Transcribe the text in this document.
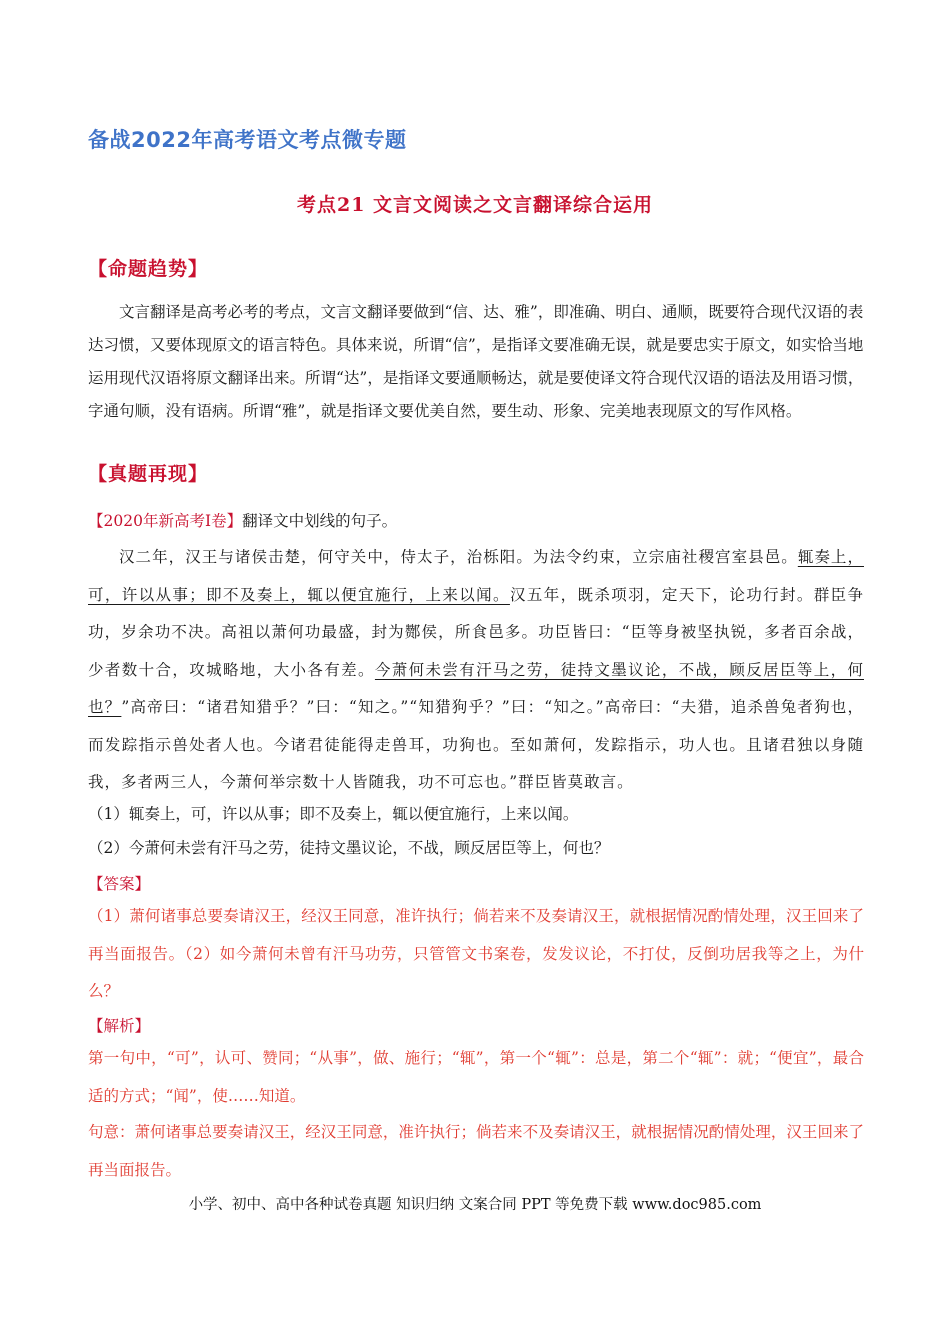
备战2022年高考语文考点微专题
考点21 文言文阅读之文言翻译综合运用
【命题趋势】
文言翻译是高考必考的考点，文言文翻译要做到“信、达、雅”，即准确、明白、通顺，既要符合现代汉语的表达习惯，又要体现原文的语言特色。具体来说，所谓“信”，是指译文要准确无误，就是要忠实于原文，如实恰当地运用现代汉语将原文翻译出来。所谓“达”，是指译文要通顺畅达，就是要使译文符合现代汉语的语法及用语习惯，字通句顺，没有语病。所谓“雅”，就是指译文要优美自然，要生动、形象、完美地表现原文的写作风格。
【真题再现】
【2020年新高考Ⅰ卷】翻译文中划线的句子。
汉二年，汉王与诸侯击楚，何守关中，侍太子，治栎阳。为法令约束，立宗庙社稷宫室县邑。辄奏上，可，许以从事；即不及奏上，辄以便宜施行，上来以闻。汉五年，既杀项羽，定天下，论功行封。群臣争功，岁余功不决。高祖以萧何功最盛，封为酂侯，所食邑多。功臣皆曰：“臣等身被坚执锐，多者百余战，少者数十合，攻城略地，大小各有差。今萧何未尝有汗马之劳，徒持文墨议论，不战，顾反居臣等上，何也？”高帝曰：“诸君知猎乎？”曰：“知之。”“知猎狗乎？”曰：“知之。”高帝曰：“夫猎，追杀兽兔者狗也，而发踪指示兽处者人也。今诸君徒能得走兽耳，功狗也。至如萧何，发踪指示，功人也。且诸君独以身随我，多者两三人，今萧何举宗数十人皆随我，功不可忘也。”群臣皆莫敢言。
（1）辄奏上，可，许以从事；即不及奏上，辄以便宜施行，上来以闻。
（2）今萧何未尝有汗马之劳，徒持文墨议论，不战，顾反居臣等上，何也？
【答案】
（1）萧何诸事总要奏请汉王，经汉王同意，准许执行；倘若来不及奏请汉王，就根据情况酌情处理，汉王回来了再当面报告。（2）如今萧何未曾有汗马功劳，只管管文书案卷，发发议论，不打仗，反倒功居我等之上，为什么？
【解析】
第一句中，“可”，认可、赞同；“从事”，做、施行；“辄”，第一个“辄”：总是，第二个“辄”：就；“便宜”，最合适的方式；“闻”，使……知道。
句意：萧何诸事总要奏请汉王，经汉王同意，准许执行；倘若来不及奏请汉王，就根据情况酌情处理，汉王回来了再当面报告。
小学、初中、高中各种试卷真题 知识归纳 文案合同 PPT 等免费下载 www.doc985.com
